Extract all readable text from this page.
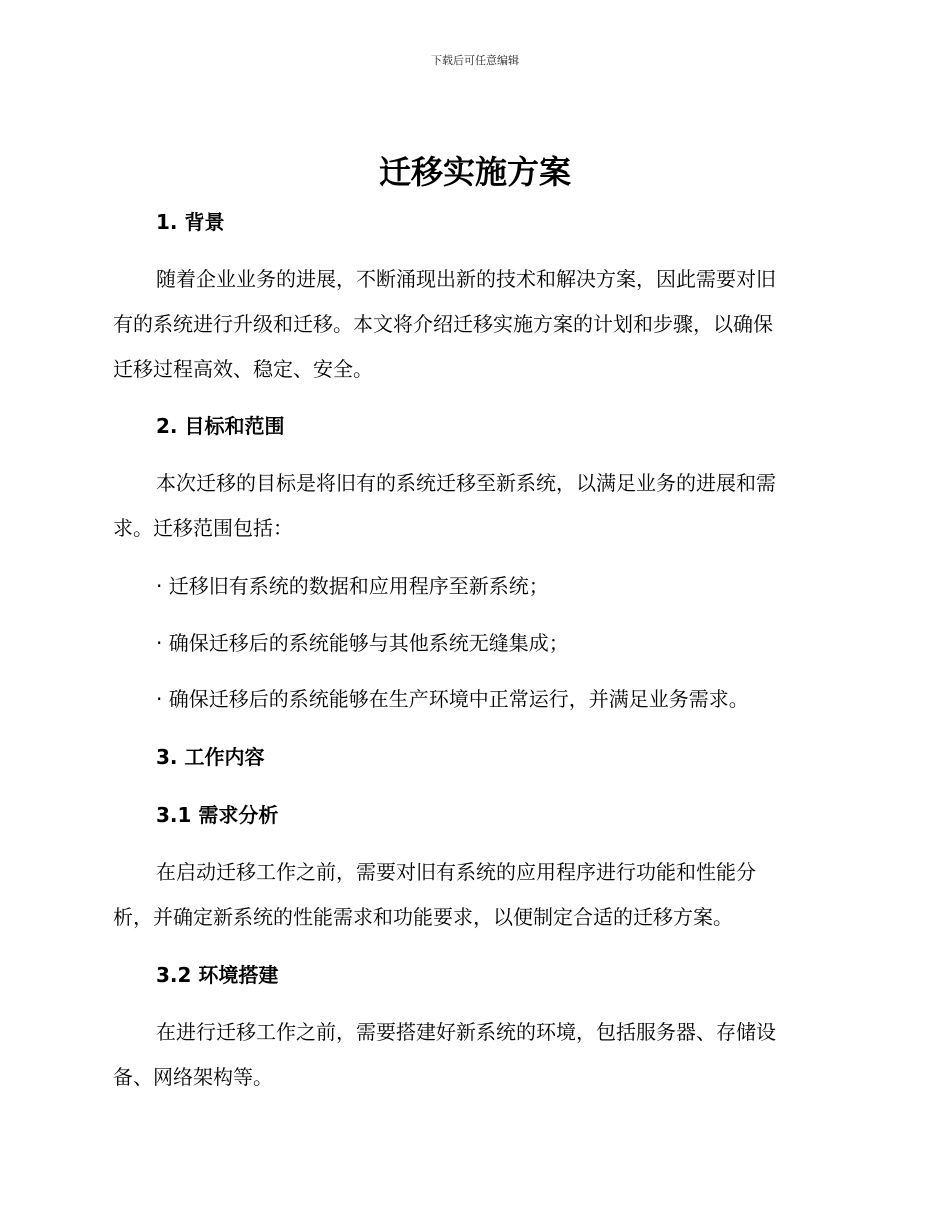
下载后可任意编辑
迁移实施方案
1. 背景
随着企业业务的进展，不断涌现出新的技术和解决方案，因此需要对旧
有的系统进行升级和迁移。本文将介绍迁移实施方案的计划和步骤，以确保
迁移过程高效、稳定、安全。
2. 目标和范围
本次迁移的目标是将旧有的系统迁移至新系统，以满足业务的进展和需
求。迁移范围包括：
· 迁移旧有系统的数据和应用程序至新系统；
· 确保迁移后的系统能够与其他系统无缝集成；
· 确保迁移后的系统能够在生产环境中正常运行，并满足业务需求。
3. 工作内容
3.1 需求分析
在启动迁移工作之前，需要对旧有系统的应用程序进行功能和性能分
析，并确定新系统的性能需求和功能要求，以便制定合适的迁移方案。
3.2 环境搭建
在进行迁移工作之前，需要搭建好新系统的环境，包括服务器、存储设
备、网络架构等。
